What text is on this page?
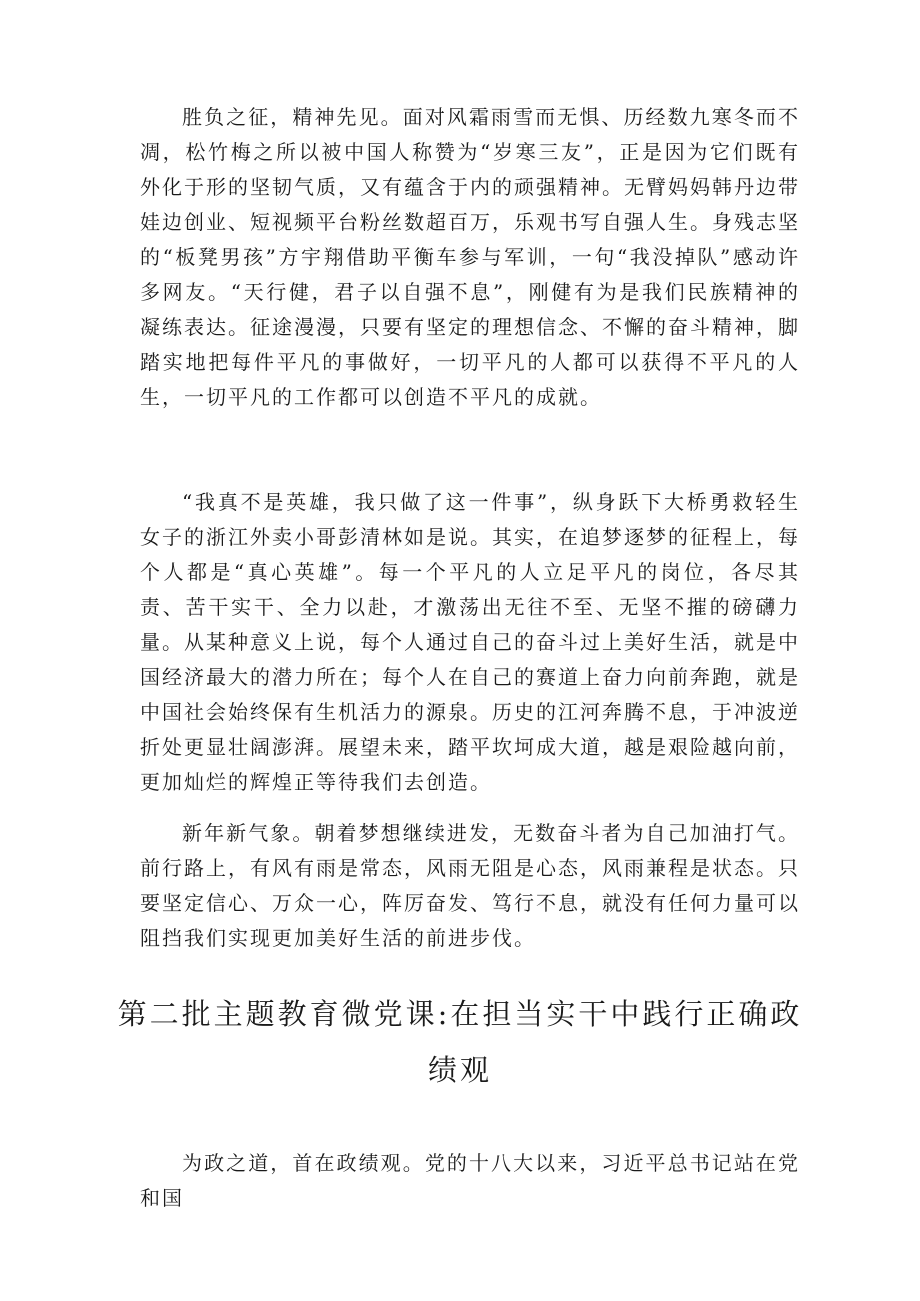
胜负之征，精神先见。面对风霜雨雪而无惧、历经数九寒冬而不凋，松竹梅之所以被中国人称赞为“岁寒三友”，正是因为它们既有外化于形的坚韧气质，又有蕴含于内的顽强精神。无臂妈妈韩丹边带娃边创业、短视频平台粉丝数超百万，乐观书写自强人生。身残志坚的“板凳男孩”方宇翔借助平衡车参与军训，一句“我没掉队”感动许多网友。“天行健，君子以自强不息”，刚健有为是我们民族精神的凝练表达。征途漫漫，只要有坚定的理想信念、不懈的奋斗精神，脚踏实地把每件平凡的事做好，一切平凡的人都可以获得不平凡的人生，一切平凡的工作都可以创造不平凡的成就。

“我真不是英雄，我只做了这一件事”，纵身跃下大桥勇救轻生女子的浙江外卖小哥彭清林如是说。其实，在追梦逐梦的征程上，每个人都是“真心英雄”。每一个平凡的人立足平凡的岗位，各尽其责、苦干实干、全力以赴，才激荡出无往不至、无坚不摧的磅礴力量。从某种意义上说，每个人通过自己的奋斗过上美好生活，就是中国经济最大的潜力所在；每个人在自己的赛道上奋力向前奔跑，就是中国社会始终保有生机活力的源泉。历史的江河奔腾不息，于冲波逆折处更显壮阔澎湃。展望未来，踏平坎坷成大道，越是艰险越向前，更加灿烂的辉煌正等待我们去创造。

新年新气象。朝着梦想继续进发，无数奋斗者为自己加油打气。前行路上，有风有雨是常态，风雨无阻是心态，风雨兼程是状态。只要坚定信心、万众一心，阵厉奋发、笃行不息，就没有任何力量可以阻挡我们实现更加美好生活的前进步伐。

第二批主题教育微党课:在担当实干中践行正确政绩观

为政之道，首在政绩观。党的十八大以来，习近平总书记站在党和国
